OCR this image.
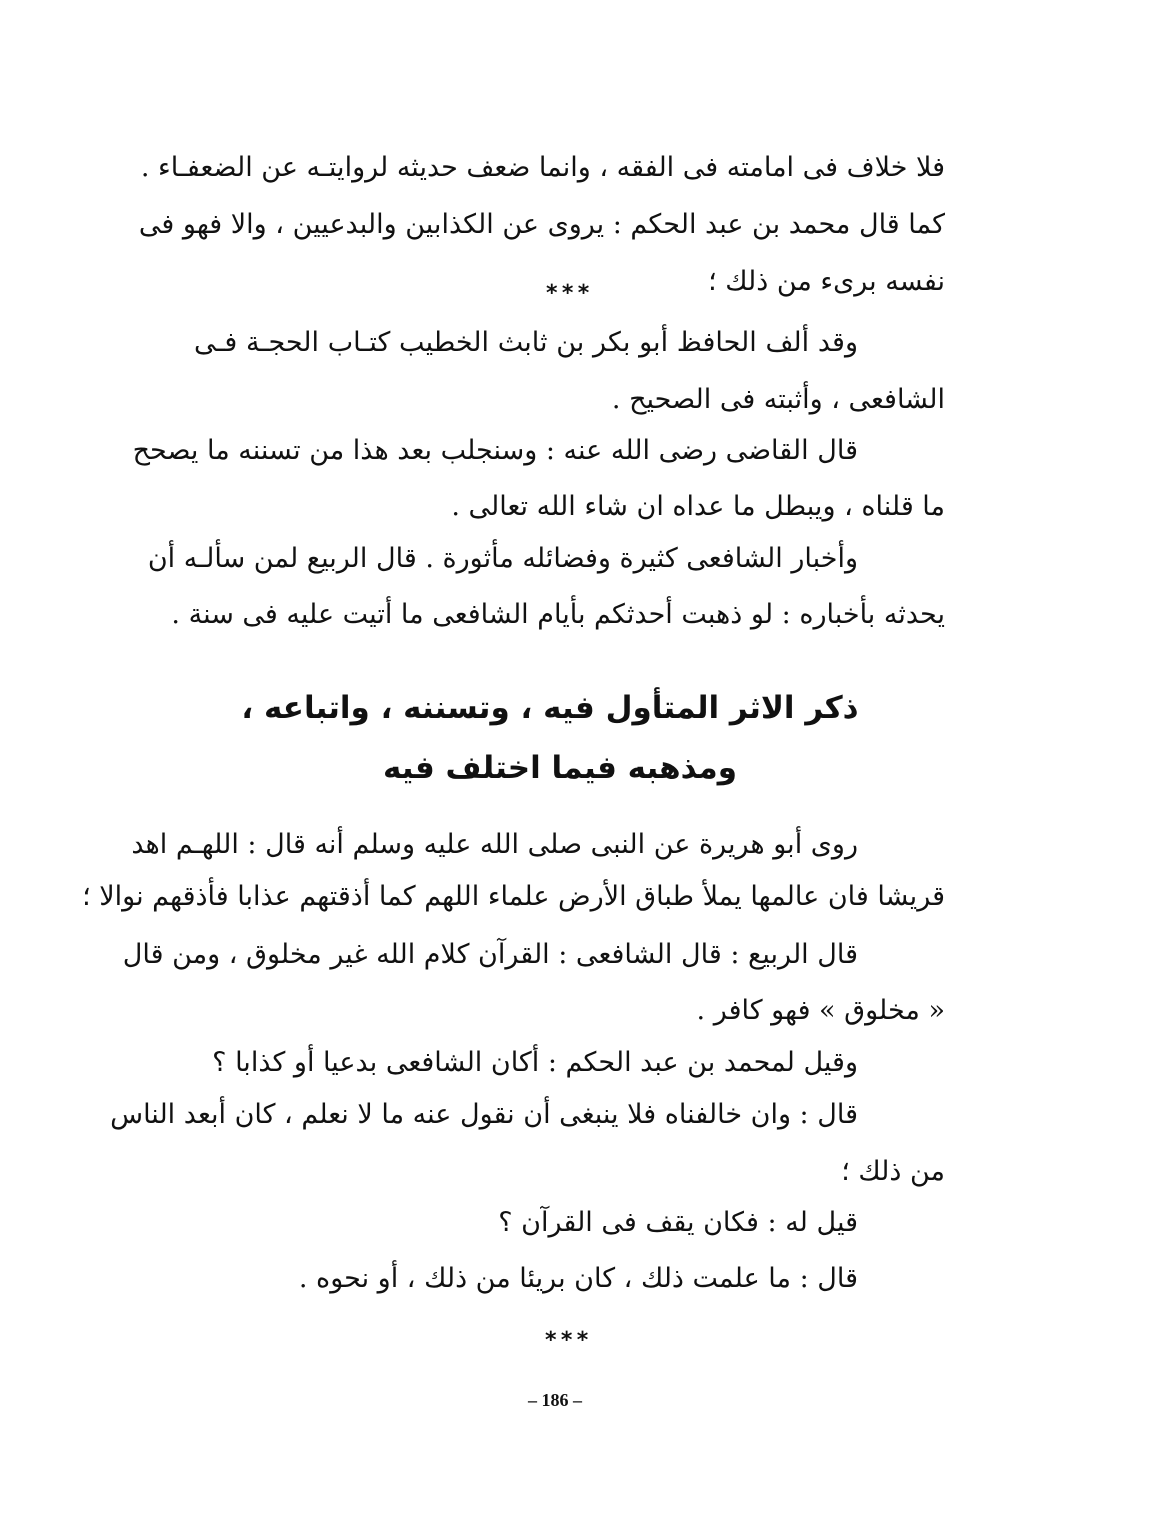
فلا خلاف فى امامته فى الفقه ، وانما ضعف حديثه لروايتـه عن الضعفـاء .
كما قال محمد بن عبد الحكم : يروى عن الكذابين والبدعيين ، والا فهو فى
نفسه برىء من ذلك ؛
* * *
وقد ألف الحافظ أبو بكر بن ثابث الخطيب كتـاب الحجـة فـى
الشافعى ، وأثبته فى الصحيح .
قال القاضى رضى الله عنه : وسنجلب بعد هذا من تسننه ما يصحح
ما قلناه ، ويبطل ما عداه ان شاء الله تعالى .
وأخبار الشافعى كثيرة وفضائله مأثورة . قال الربيع لمن سألـه أن
يحدثه بأخباره : لو ذهبت أحدثكم بأيام الشافعى ما أتيت عليه فى سنة .
ذكر الاثر المتأول فيه ، وتسننه ، واتباعه ،
ومذهبه فيما اختلف فيه
روى أبو هريرة عن النبى صلى الله عليه وسلم أنه قال : اللهـم اهد
قريشا فان عالمها يملأ طباق الأرض علماء اللهم كما أذقتهم عذابا فأذقهم نوالا ؛
قال الربيع : قال الشافعى : القرآن كلام الله غير مخلوق ، ومن قال
« مخلوق » فهو كافر .
وقيل لمحمد بن عبد الحكم : أكان الشافعى بدعيا أو كذابا ؟
قال : وان خالفناه فلا ينبغى أن نقول عنه ما لا نعلم ، كان أبعد الناس
من ذلك ؛
قيل له : فكان يقف فى القرآن ؟
قال : ما علمت ذلك ، كان بريئا من ذلك ، أو نحوه .
* * *
– 186 –
